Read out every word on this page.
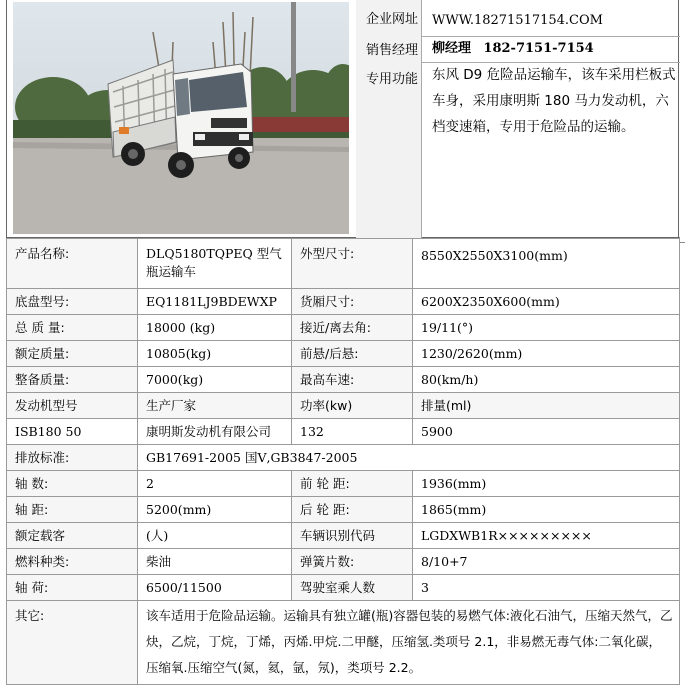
企业网址	WWW.18271517154.COM
销售经理	柳经理 182-7151-7154
专用功能	东风 D9 危险品运输车，该车采用栏板式车身，采用康明斯 180 马力发动机，六档变速箱，专用于危险品的运输。
产品名称:	DLQ5180TQPEQ 型气瓶运输车	外型尺寸:	8550X2550X3100(mm)
底盘型号:	EQ1181LJ9BDEWXP	货厢尺寸:	6200X2350X600(mm)
总 质 量:	18000 (kg)	接近/离去角:	19/11(°)
额定质量:	10805(kg)	前悬/后悬:	1230/2620(mm)
整备质量:	7000(kg)	最高车速:	80(km/h)
发动机型号	生产厂家	功率(kw)	排量(ml)
ISB180 50	康明斯发动机有限公司	132	5900
排放标准:	GB17691-2005 国Ⅴ,GB3847-2005		
轴 数:	2	前 轮 距:	1936(mm)
轴 距:	5200(mm)	后 轮 距:	1865(mm)
额定载客	(人)	车辆识别代码	LGDXWB1R×××××××××
燃料种类:	柴油	弹簧片数:	8/10+7
轴 荷:	6500/11500	驾驶室乘人数	3
其它:	该车适用于危险品运输。运输具有独立罐(瓶)容器包装的易燃气体:液化石油气，压缩天然气，乙炔，乙烷，丁烷，丁烯，丙烯.甲烷.二甲醚，压缩氢.类项号 2.1，非易燃无毒气体:二氧化碳，压缩氧.压缩空气(氮，氦，氩，氖)，类项号 2.2。		
